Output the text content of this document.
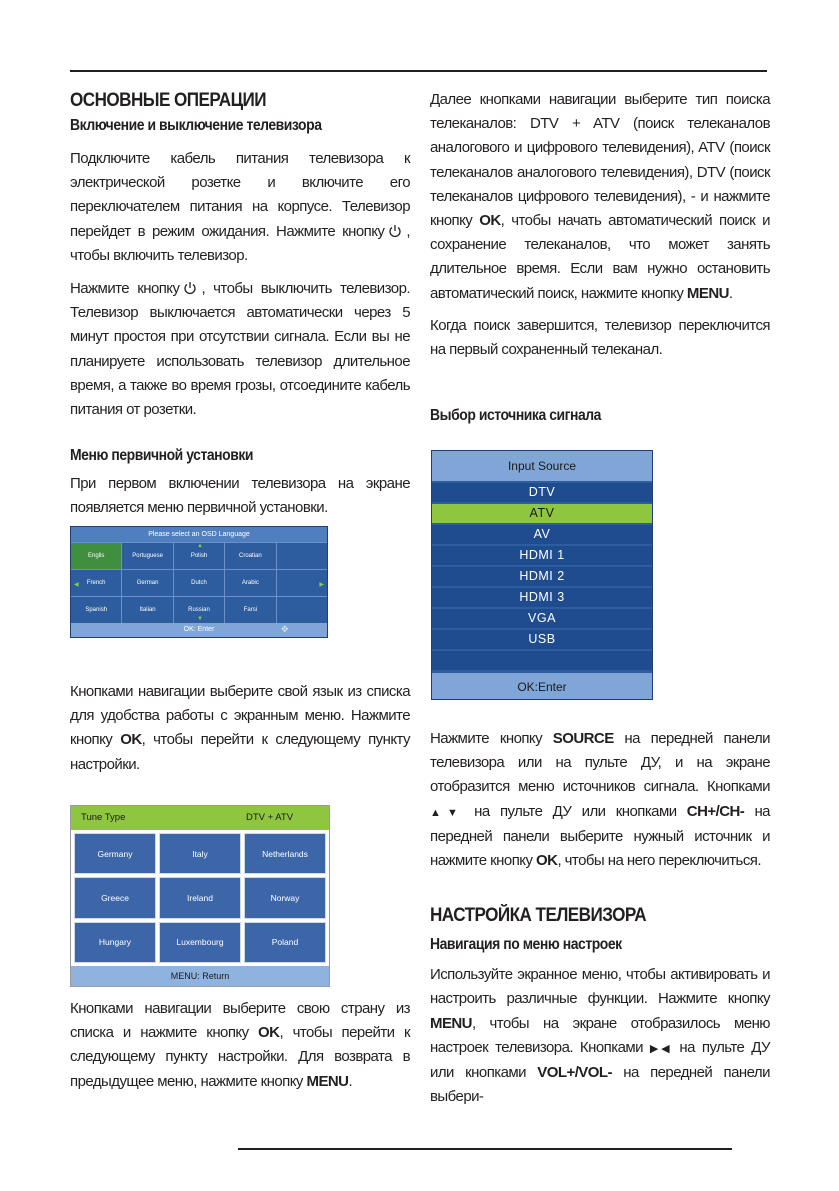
ОСНОВНЫЕ ОПЕРАЦИИ
Включение и выключение телевизора

Подключите кабель питания телевизора к электрической розетке и включите его переключателем питания на корпусе. Телевизор перейдет в режим ожидания. Нажмите кнопку , чтобы включить телевизор.

Нажмите кнопку , чтобы выключить телевизор. Телевизор выключается автоматически через 5 минут простоя при отсутствии сигнала. Если вы не планируете использовать телевизор длительное время, а также во время грозы, отсоедините кабель питания от розетки.

Меню первичной установки

При первом включении телевизора на экране появляется меню первичной установки.

Please select an OSD Language
Englis	Portuguese	Polish	Croatian
French	German	Dutch	Arabic
Spanish	Italian	Russian	Farsi
◀	▶
▲
▼
OK: Enter	✥

Кнопками навигации выберите свой язык из списка для удобства работы с экранным меню. Нажмите кнопку OK, чтобы перейти к следующему пункту настройки.

Tune Type	DTV + ATV
Germany	Italy	Netherlands
Greece	Ireland	Norway
Hungary	Luxembourg	Poland
MENU: Return

Кнопками навигации выберите свою страну из списка и нажмите кнопку OK, чтобы перейти к следующему пункту настройки. Для возврата в предыдущее меню, нажмите кнопку MENU.

Далее кнопками навигации выберите тип поиска телеканалов: DTV + ATV (поиск телеканалов аналогового и цифрового телевидения), ATV (поиск телеканалов аналогового телевидения), DTV (поиск телеканалов цифрового телевидения), - и нажмите кнопку OK, чтобы начать автоматический поиск и сохранение телеканалов, что может занять длительное время. Если вам нужно остановить автоматический поиск, нажмите кнопку MENU.

Когда поиск завершится, телевизор переключится на первый сохраненный телеканал.

Выбор источника сигнала
Input Source
DTV
ATV
AV
HDMI 1
HDMI 2
HDMI 3
VGA
USB
OK:Enter

Нажмите кнопку SOURCE на передней панели телевизора или на пульте ДУ, и на экране отобразится меню источников сигнала. Кнопками ▲▼ на пульте ДУ или кнопками CH+/CH- на передней панели выберите нужный источник и нажмите кнопку OK, чтобы на него переключиться.

НАСТРОЙКА ТЕЛЕВИЗОРА
Навигация по меню настроек

Используйте экранное меню, чтобы активировать и настроить различные функции. Нажмите кнопку MENU, чтобы на экране отобразилось меню настроек телевизора. Кнопками ▶◀ на пульте ДУ или кнопками VOL+/VOL- на передней панели выбери-
